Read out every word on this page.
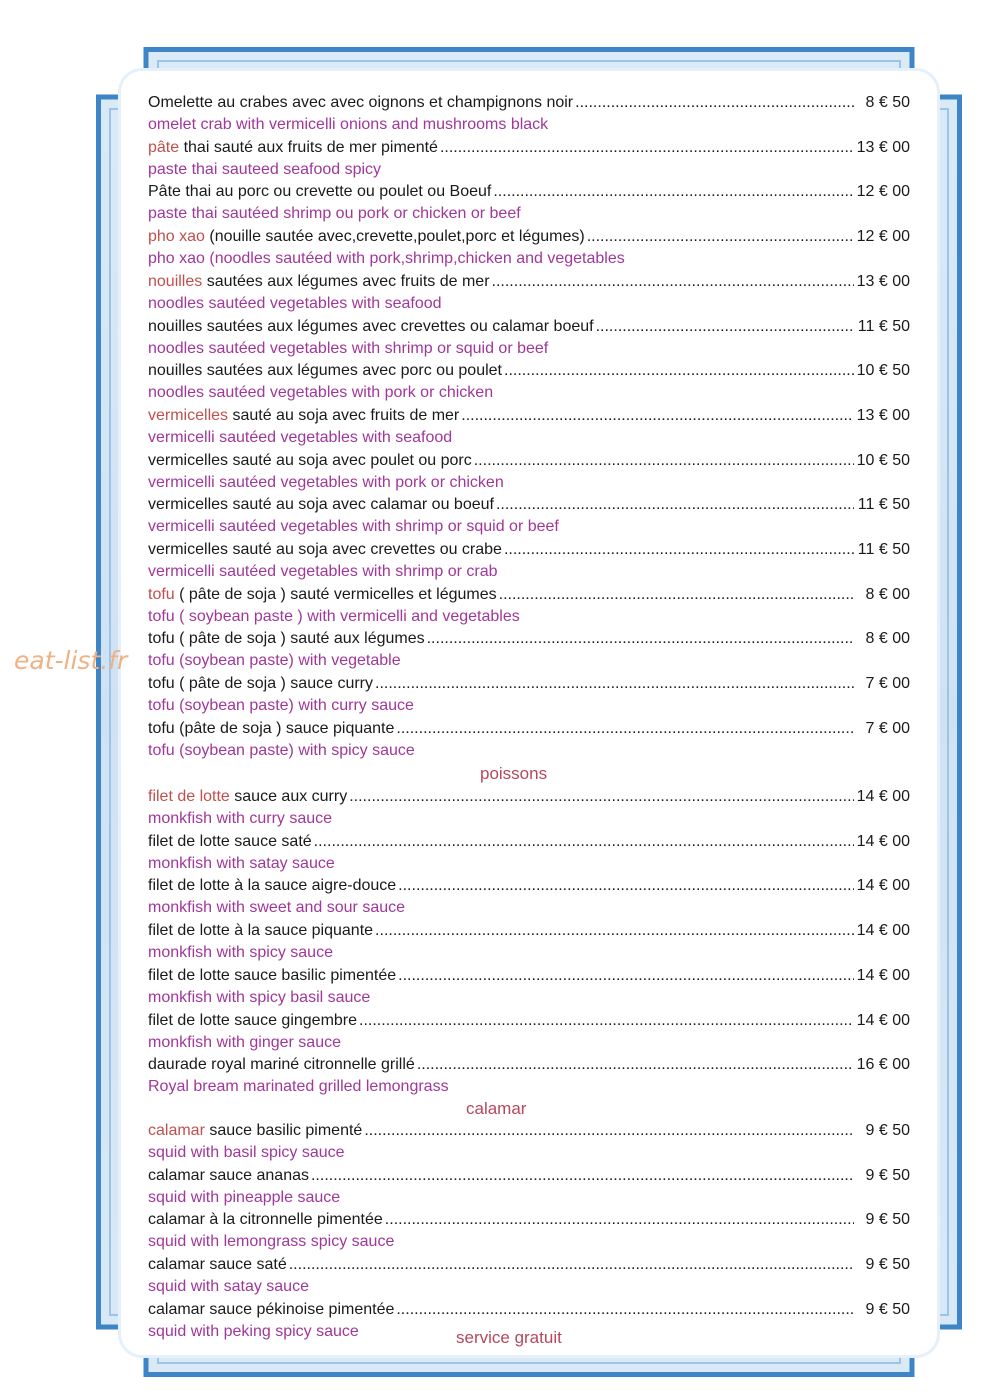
eat-list.fr
Omelette au crabes avec avec oignons et champignons noir .....	8 € 50
omelet crab with vermicelli onions and mushrooms black
pâte thai sauté aux fruits de mer pimenté .....	13 € 00
paste thai sauteed seafood spicy
Pâte thai au porc ou crevette ou poulet ou Boeuf .....	12 € 00
paste thai sautéed shrimp ou pork or chicken or beef
pho xao (nouille sautée avec,crevette,poulet,porc et légumes) .....	12 € 00
pho xao (noodles sautéed with pork,shrimp,chicken and vegetables
nouilles sautées aux légumes avec fruits de mer .....	13 € 00
noodles sautéed vegetables with seafood
nouilles sautées aux légumes avec crevettes ou calamar boeuf .....	11 € 50
noodles sautéed vegetables with shrimp or squid or beef
nouilles sautées aux légumes avec porc ou poulet .....	10 € 50
noodles sautéed vegetables with pork or chicken
vermicelles sauté au soja avec fruits de mer .....	13 € 00
vermicelli sautéed vegetables with seafood
vermicelles sauté au soja avec poulet ou porc .....	10 € 50
vermicelli sautéed vegetables with pork or chicken
vermicelles sauté au soja avec calamar ou boeuf .....	11 € 50
vermicelli sautéed vegetables with shrimp or squid or beef
vermicelles sauté au soja avec crevettes ou crabe .....	11 € 50
vermicelli sautéed vegetables with shrimp or crab
tofu ( pâte de soja ) sauté vermicelles et légumes .....	8 € 00
tofu ( soybean paste ) with vermicelli and vegetables
tofu ( pâte de soja ) sauté aux légumes .....	8 € 00
tofu (soybean paste) with vegetable
tofu ( pâte de soja ) sauce curry .....	7 € 00
tofu (soybean paste) with curry sauce
tofu (pâte de soja ) sauce piquante .....	7 € 00
tofu (soybean paste) with spicy sauce
poissons
filet de lotte sauce aux curry .....	14 € 00
monkfish with curry sauce
filet de lotte sauce saté .....	14 € 00
monkfish with satay sauce
filet de lotte à la sauce aigre-douce .....	14 € 00
monkfish with sweet and sour sauce
filet de lotte à la sauce piquante .....	14 € 00
monkfish with spicy sauce
filet de lotte sauce basilic pimentée .....	14 € 00
monkfish with spicy basil sauce
filet de lotte sauce gingembre .....	14 € 00
monkfish with ginger sauce
daurade royal mariné citronnelle grillé .....	16 € 00
Royal bream marinated grilled lemongrass
calamar
calamar sauce basilic pimenté .....	9 € 50
squid with basil spicy sauce
calamar sauce ananas .....	9 € 50
squid with pineapple sauce
calamar à la citronnelle pimentée .....	9 € 50
squid with lemongrass spicy sauce
calamar sauce saté .....	9 € 50
squid with satay sauce
calamar sauce pékinoise pimentée .....	9 € 50
squid with peking spicy sauce	service gratuit
